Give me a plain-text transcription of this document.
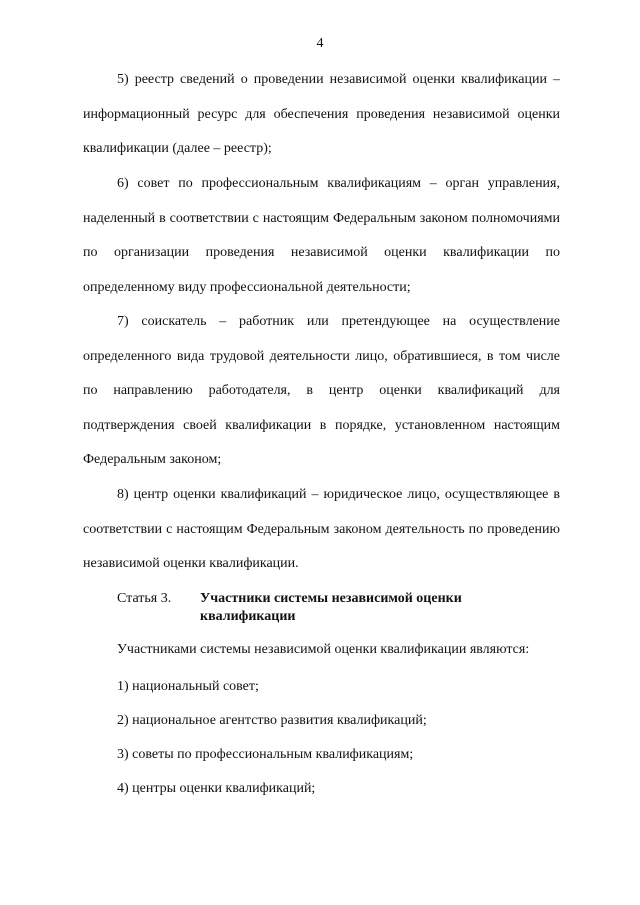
4

5) реестр сведений о проведении независимой оценки квалификации – информационный ресурс для обеспечения проведения независимой оценки квалификации (далее – реестр);

6) совет по профессиональным квалификациям – орган управления, наделенный в соответствии с настоящим Федеральным законом полномочиями по организации проведения независимой оценки квалификации по определенному виду профессиональной деятельности;

7) соискатель – работник или претендующее на осуществление определенного вида трудовой деятельности лицо, обратившиеся, в том числе по направлению работодателя, в центр оценки квалификаций для подтверждения своей квалификации в порядке, установленном настоящим Федеральным законом;

8) центр оценки квалификаций – юридическое лицо, осуществляющее в соответствии с настоящим Федеральным законом деятельность по проведению независимой оценки квалификации.

Статья 3.	Участники системы независимой оценки квалификации

Участниками системы независимой оценки квалификации являются:

1) национальный совет;

2) национальное агентство развития квалификаций;

3) советы по профессиональным квалификациям;

4) центры оценки квалификаций;
